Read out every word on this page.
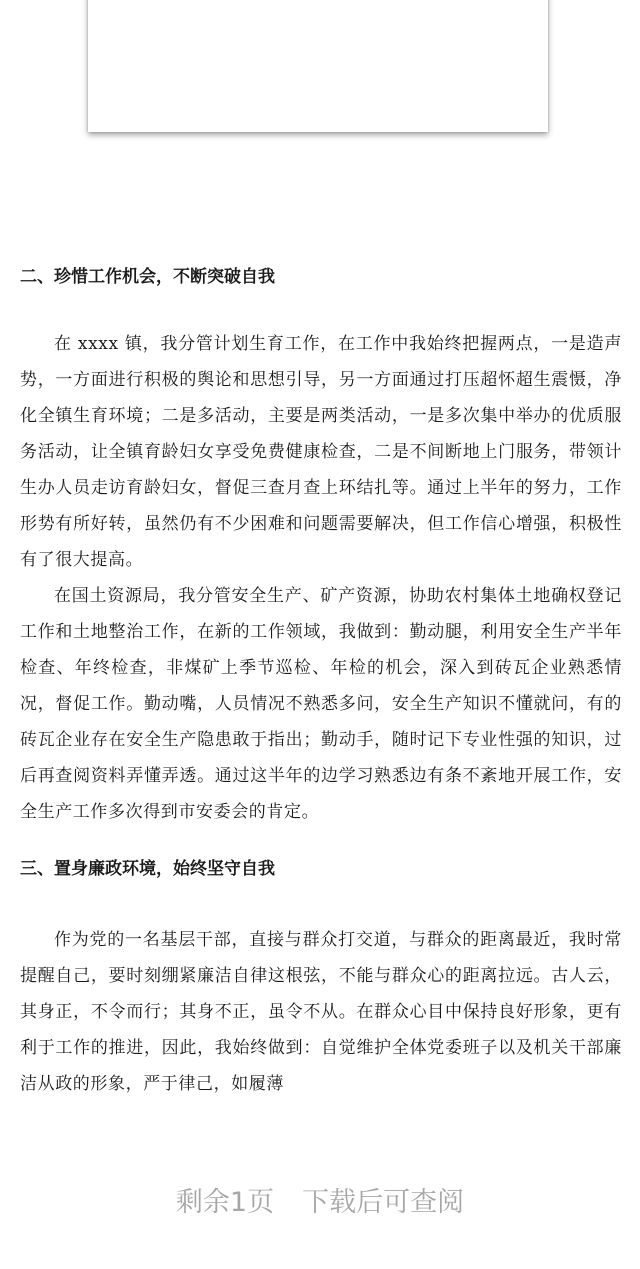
二、珍惜工作机会，不断突破自我

在 xxxx 镇，我分管计划生育工作，在工作中我始终把握两点，一是造声势，一方面进行积极的舆论和思想引导，另一方面通过打压超怀超生震慑，净化全镇生育环境；二是多活动，主要是两类活动，一是多次集中举办的优质服务活动，让全镇育龄妇女享受免费健康检查，二是不间断地上门服务，带领计生办人员走访育龄妇女，督促三查月查上环结扎等。通过上半年的努力，工作形势有所好转，虽然仍有不少困难和问题需要解决，但工作信心增强，积极性有了很大提高。

在国土资源局，我分管安全生产、矿产资源，协助农村集体土地确权登记工作和土地整治工作，在新的工作领域，我做到：勤动腿，利用安全生产半年检查、年终检查，非煤矿上季节巡检、年检的机会，深入到砖瓦企业熟悉情况，督促工作。勤动嘴，人员情况不熟悉多问，安全生产知识不懂就问，有的砖瓦企业存在安全生产隐患敢于指出；勤动手，随时记下专业性强的知识，过后再查阅资料弄懂弄透。通过这半年的边学习熟悉边有条不紊地开展工作，安全生产工作多次得到市安委会的肯定。

三、置身廉政环境，始终坚守自我

作为党的一名基层干部，直接与群众打交道，与群众的距离最近，我时常提醒自己，要时刻绷紧廉洁自律这根弦，不能与群众心的距离拉远。古人云，其身正，不令而行；其身不正，虽令不从。在群众心目中保持良好形象，更有利于工作的推进，因此，我始终做到：自觉维护全体党委班子以及机关干部廉洁从政的形象，严于律己，如履薄

剩余1页 下载后可查阅
